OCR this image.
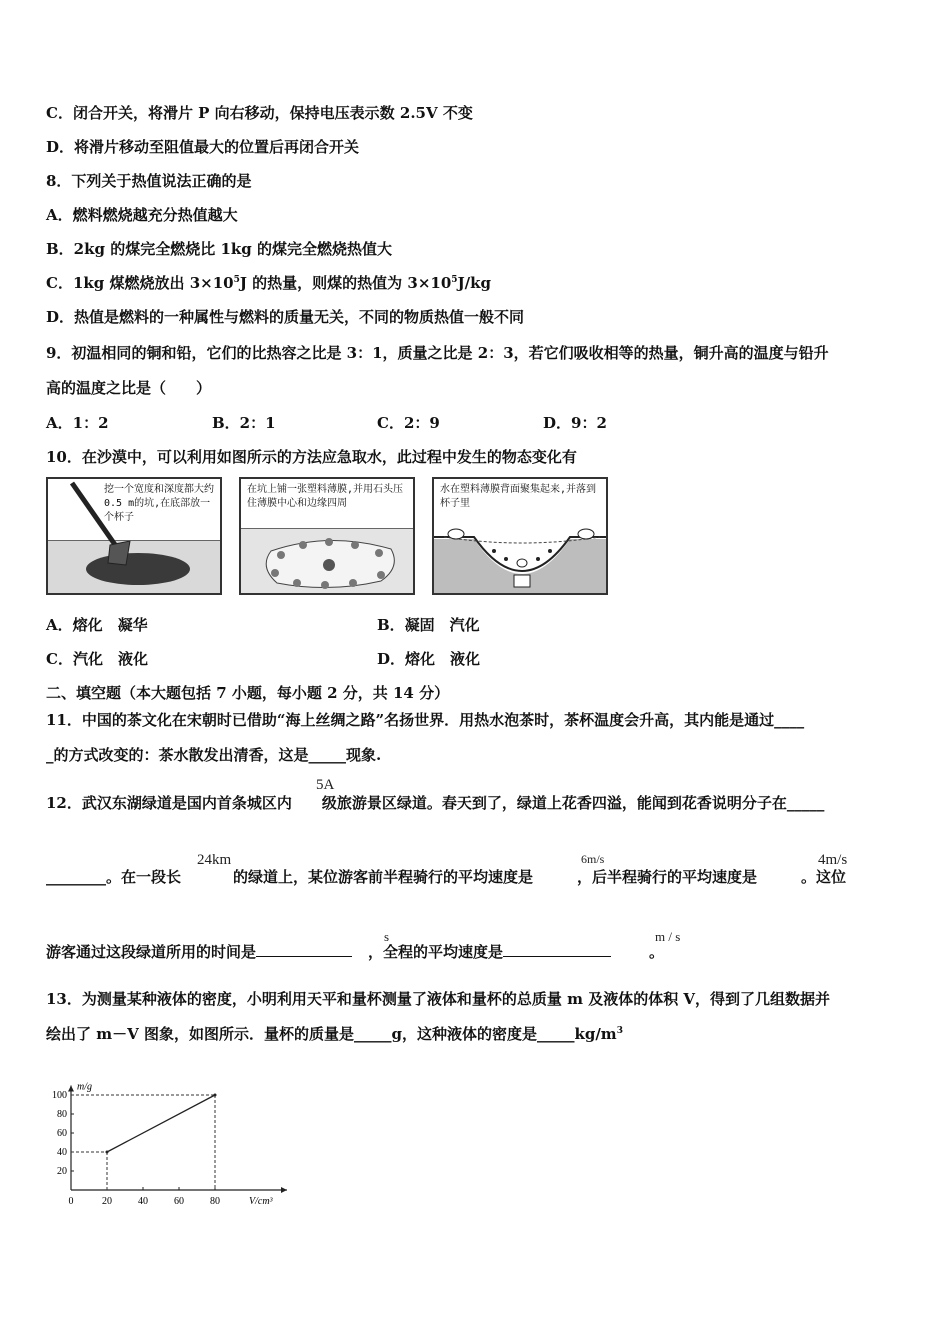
C．闭合开关，将滑片 P 向右移动，保持电压表示数 2.5V 不变
D．将滑片移动至阻值最大的位置后再闭合开关
8．下列关于热值说法正确的是
A．燃料燃烧越充分热值越大
B．2kg 的煤完全燃烧比 1kg 的煤完全燃烧热值大
C．1kg 煤燃烧放出 $3\times 10^5J$ 的热量，则煤的热值为 $3\times 10^5J/kg$
D．热值是燃料的一种属性与燃料的质量无关，不同的物质热值一般不同
9．初温相同的铜和铅，它们的比热容之比是 3：1，质量之比是 2：3，若它们吸收相等的热量，铜升高的温度与铅升
高的温度之比是（　　）
A．1：2	B．2：1	C．2：9	D．9：2
10．在沙漠中，可以利用如图所示的方法应急取水，此过程中发生的物态变化有
挖一个宽度和深度都大约0.5 m的坑,在底部放一个杯子
在坑上铺一张塑料薄膜,并用石头压住薄膜中心和边缘四周
水在塑料薄膜背面聚集起来,并落到杯子里
A．熔化　凝华	B．凝固　汽化
C．汽化　液化	D．熔化　液化
二、填空题（本大题包括 7 小题，每小题 2 分，共 14 分）
11．中国的茶文化在宋朝时已借助“海上丝绸之路”名扬世界．用热水泡茶时，茶杯温度会升高，其内能是通过____
_的方式改变的：茶水散发出清香，这是_____现象.
12．武汉东湖绿道是国内首条城区内 级旅游景区绿道。春天到了，绿道上花香四溢，能闻到花香说明分子在_____
5A
________。在一段长	的绿道上，某位游客前半程骑行的平均速度是	，后半程骑行的平均速度是	。这位
24km	6m/s	4m/s
游客通过这段绿道所用的时间是	，全程的平均速度是	。
s	m / s
13．为测量某种液体的密度，小明利用天平和量杯测量了液体和量杯的总质量 m 及液体的体积 V，得到了几组数据并
绘出了 m－V 图象，如图所示．量杯的质量是_____g，这种液体的密度是$\_\_\_\_\_kg/m^3$
m/g
V/cm³
0	20	40	60	80
20
40
60
80
100
